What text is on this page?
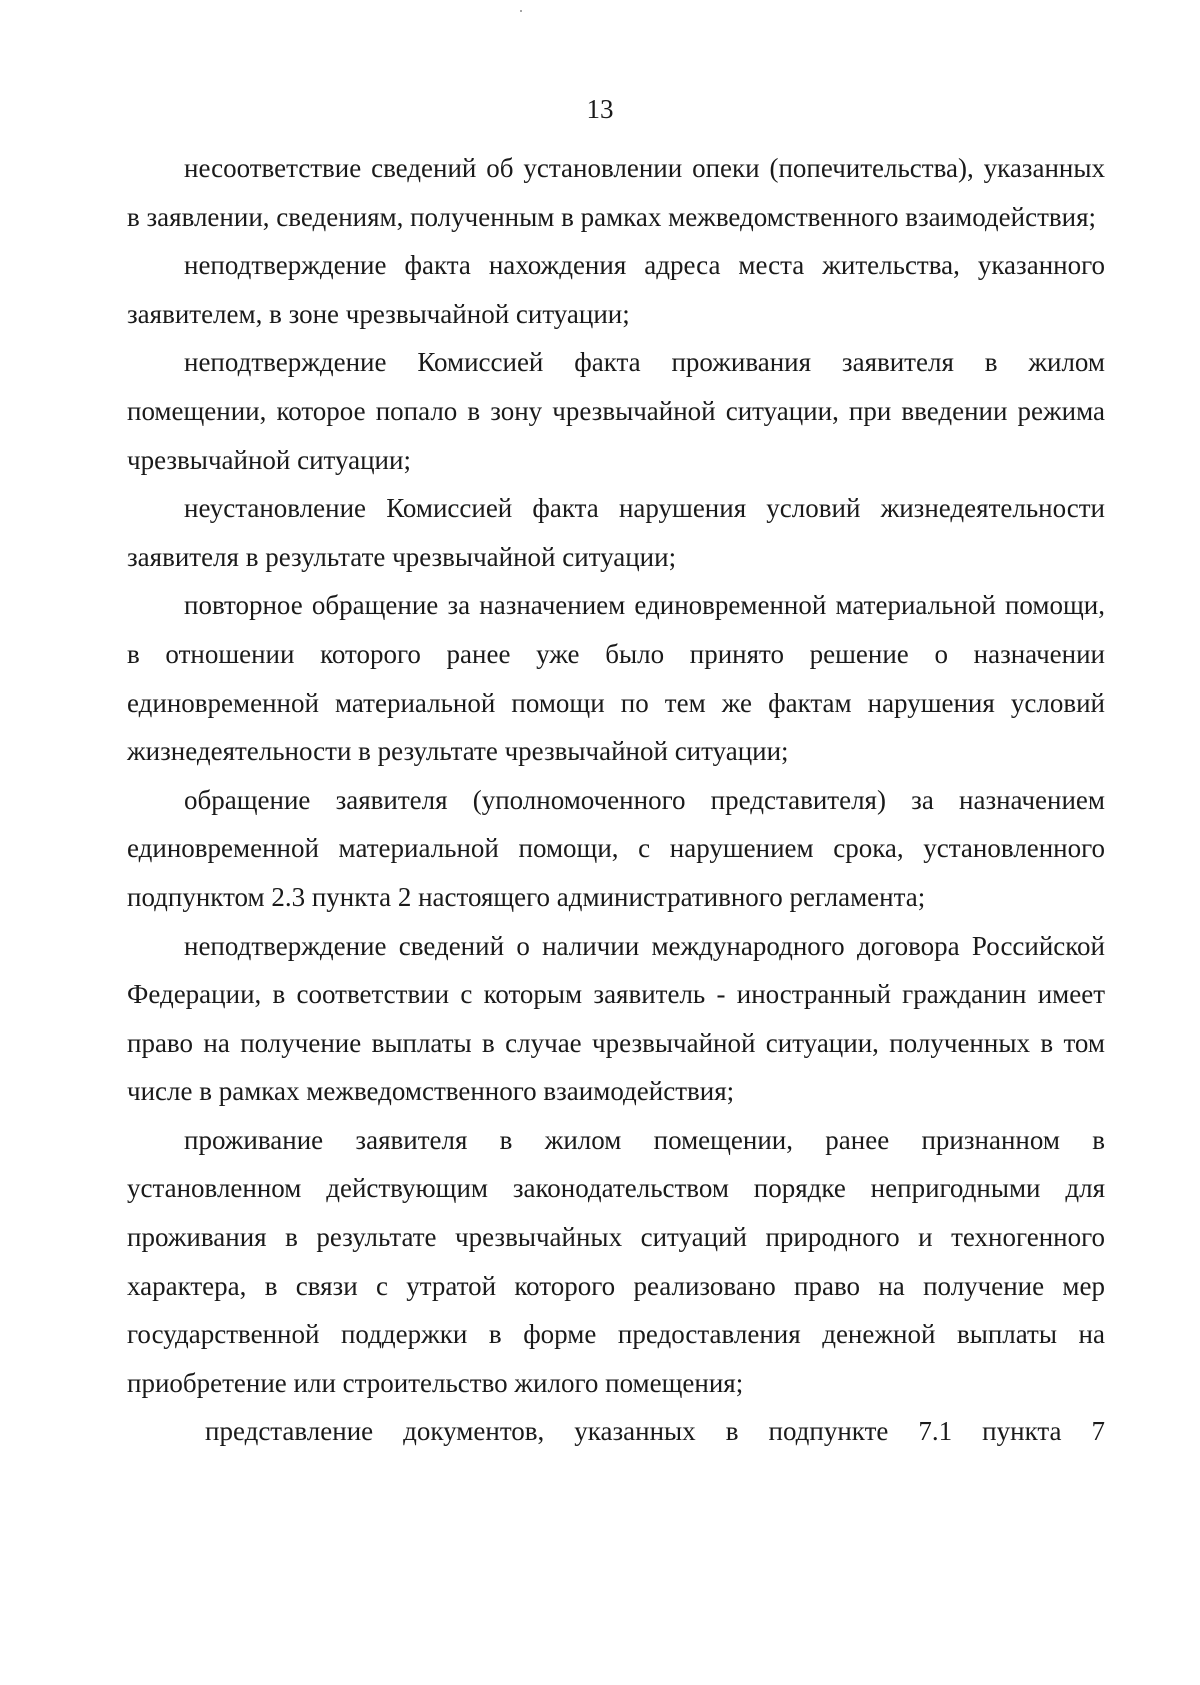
13

несоответствие сведений об установлении опеки (попечительства), указанных в заявлении, сведениям, полученным в рамках межведомственного взаимодействия;

неподтверждение факта нахождения адреса места жительства, указанного заявителем, в зоне чрезвычайной ситуации;

неподтверждение Комиссией факта проживания заявителя в жилом помещении, которое попало в зону чрезвычайной ситуации, при введении режима чрезвычайной ситуации;

неустановление Комиссией факта нарушения условий жизнедеятельности заявителя в результате чрезвычайной ситуации;

повторное обращение за назначением единовременной материальной помощи, в отношении которого ранее уже было принято решение о назначении единовременной материальной помощи по тем же фактам нарушения условий жизнедеятельности в результате чрезвычайной ситуации;

обращение заявителя (уполномоченного представителя) за назначением единовременной материальной помощи, с нарушением срока, установленного подпунктом 2.3 пункта 2 настоящего административного регламента;

неподтверждение сведений о наличии международного договора Российской Федерации, в соответствии с которым заявитель - иностранный гражданин имеет право на получение выплаты в случае чрезвычайной ситуации, полученных в том числе в рамках межведомственного взаимодействия;

проживание заявителя в жилом помещении, ранее признанном в установленном действующим законодательством порядке непригодными для проживания в результате чрезвычайных ситуаций природного и техногенного характера, в связи с утратой которого реализовано право на получение мер государственной поддержки в форме предоставления денежной выплаты на приобретение или строительство жилого помещения;

представление документов, указанных в подпункте 7.1 пункта 7
